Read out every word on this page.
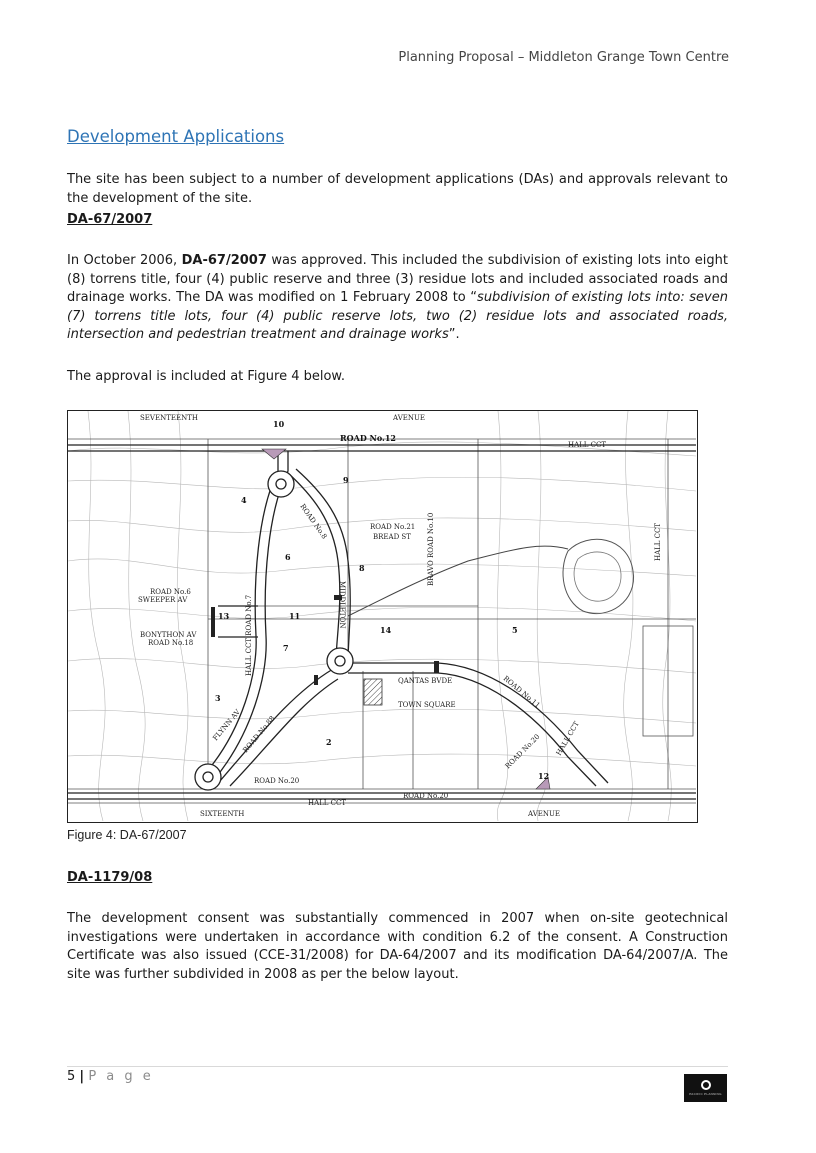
Planning Proposal – Middleton Grange Town Centre
Development Applications

The site has been subject to a number of development applications (DAs) and approvals relevant to the development of the site.

DA-67/2007

In October 2006, DA-67/2007 was approved. This included the subdivision of existing lots into eight (8) torrens title, four (4) public reserve and three (3) residue lots and included associated roads and drainage works. The DA was modified on 1 February 2008 to “subdivision of existing lots into: seven (7) torrens title lots, four (4) public reserve lots, two (2) residue lots and associated roads, intersection and pedestrian treatment and drainage works”.

The approval is included at Figure 4 below.

SEVENTEENTH	AVENUE
10
ROAD No.12
HALL CCT
9
4
6
8
ROAD No.21
BREAD ST BRAVO ROAD No.10
MIDDLETON
ROAD No.8
ROAD No.6
SWEEPER AV
BONYTHON AV
ROAD No.18
13	11
HALL CCT ROAD No.7	7
14	5
QANTAS BVDE	ROAD No.11
TOWN SQUARE
3
FLYNN AV ROAD No.88	2
ROAD No.20
ROAD No.20 HALL CCT
HALL CCT
12
HALL CCT
ROAD No.20
SIXTEENTH	AVENUE
Figure 4: DA-67/2007
DA-1179/08

The development consent was substantially commenced in 2007 when on-site geotechnical investigations were undertaken in accordance with condition 6.2 of the consent. A Construction Certificate was also issued (CCE-31/2008) for DA-64/2007 and its modification DA-64/2007/A. The site was further subdivided in 2008 as per the below layout.

5 | P a g e
PACIFIC PLANNING
